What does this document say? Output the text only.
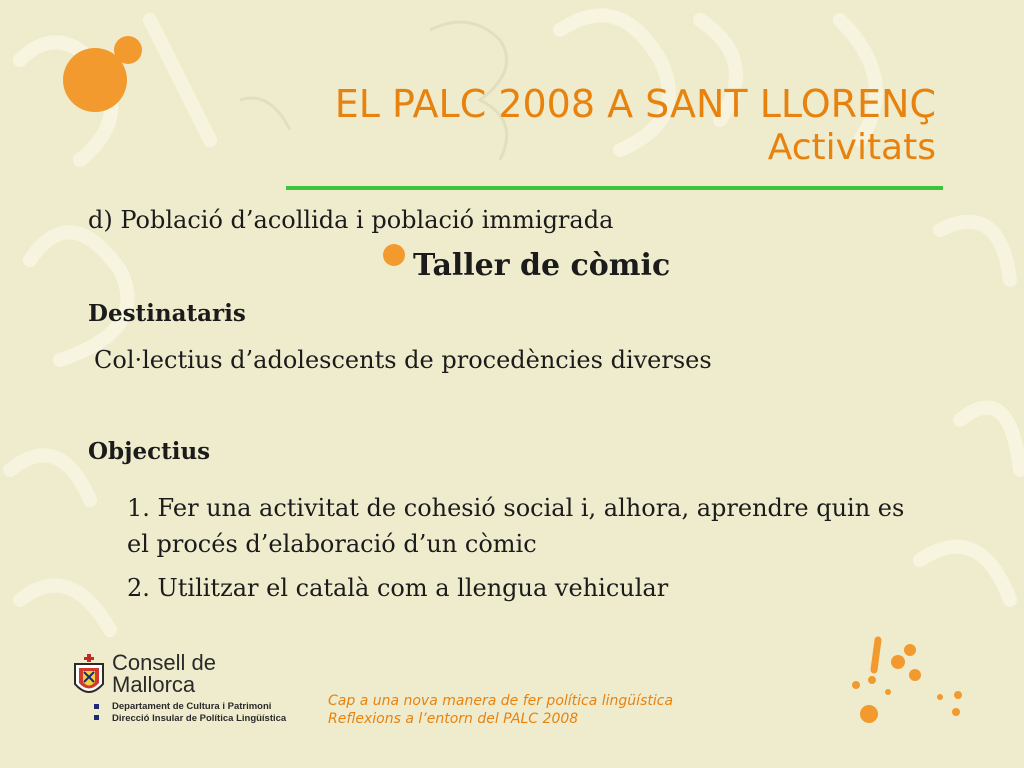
EL PALC 2008 A SANT LLORENÇ
Activitats
d) Població d’acollida i població immigrada
Taller de còmic
Destinataris
Col·lectius d’adolescents de procedències diverses
Objectius
1. Fer una activitat de cohesió social i, alhora, aprendre quin es el procés d’elaboració d’un còmic
2. Utilitzar el català com a llengua vehicular
Consell de
Mallorca
Departament de Cultura i Patrimoni
Direcció Insular de Política Lingüística
Cap a una nova manera de fer política lingüística
Reflexions a l’entorn del PALC 2008
